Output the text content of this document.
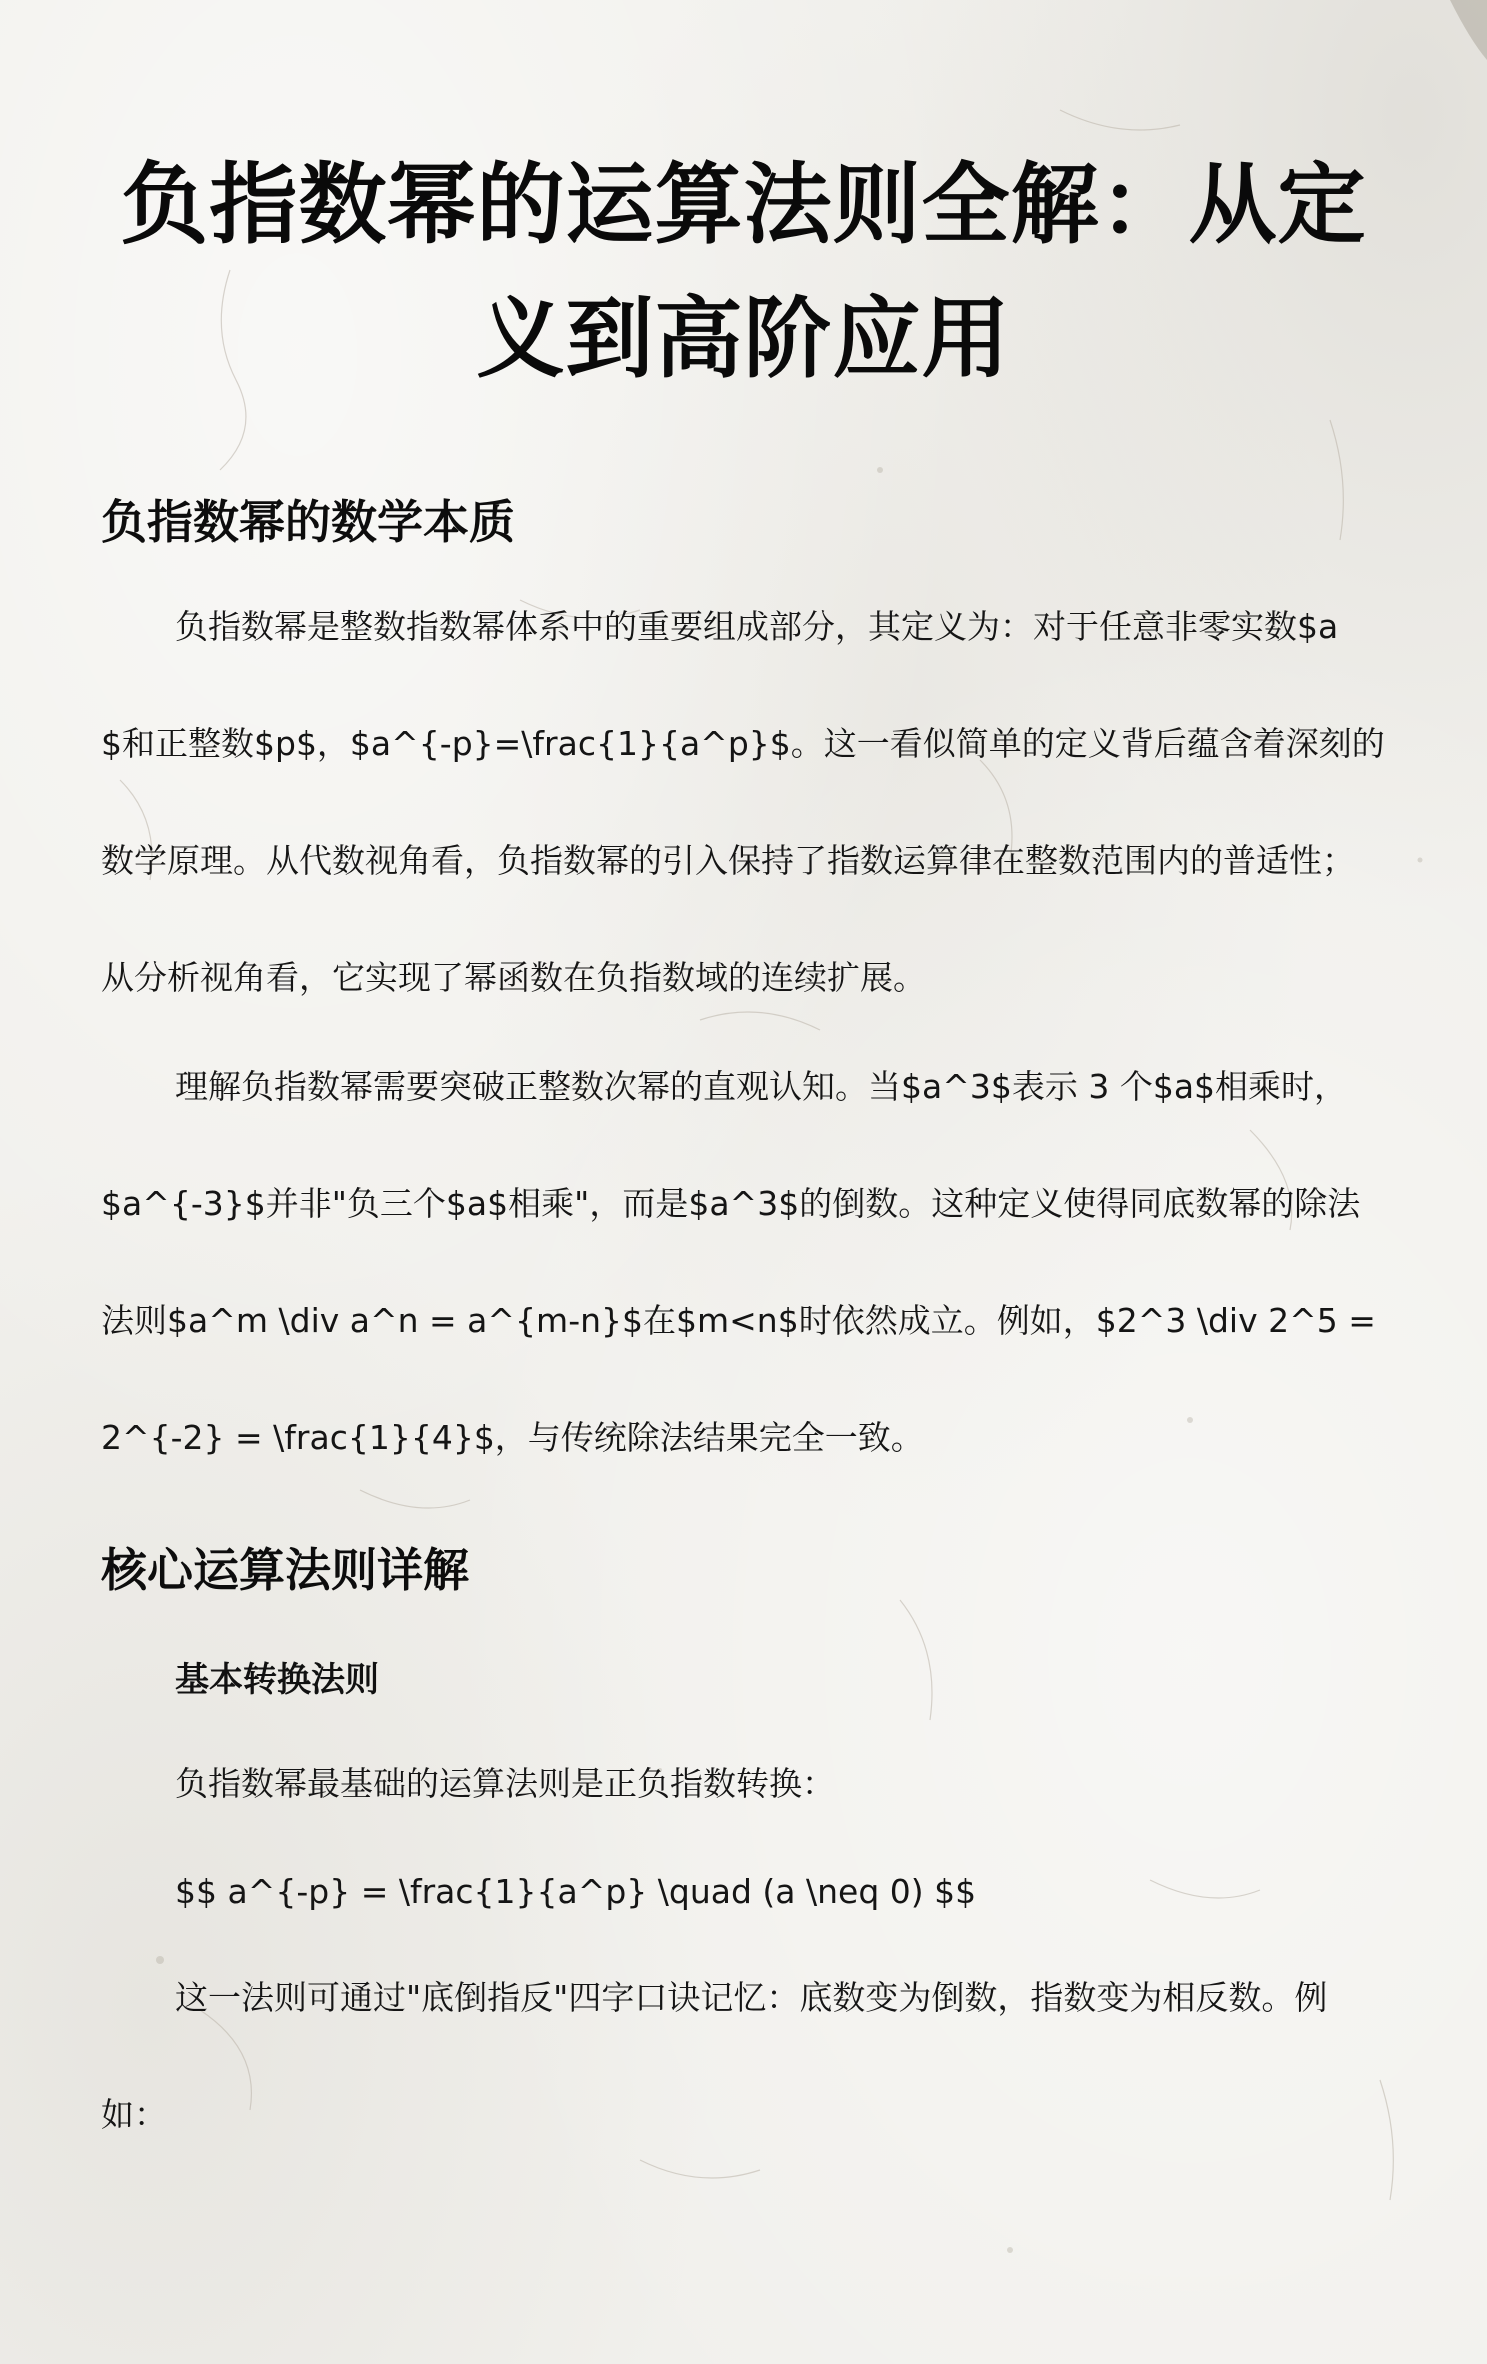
负指数幂的运算法则全解：从定义到高阶应用
负指数幂的数学本质

负指数幂是整数指数幂体系中的重要组成部分，其定义为：对于任意非零实数$a$和正整数$p$，$a^{-p}=\frac{1}{a^p}$。这一看似简单的定义背后蕴含着深刻的数学原理。从代数视角看，负指数幂的引入保持了指数运算律在整数范围内的普适性；从分析视角看，它实现了幂函数在负指数域的连续扩展。

理解负指数幂需要突破正整数次幂的直观认知。当$a^3$表示 3 个$a$相乘时，$a^{-3}$并非"负三个$a$相乘"，而是$a^3$的倒数。这种定义使得同底数幂的除法法则$a^m \div a^n = a^{m-n}$在$m<n$时依然成立。例如，$2^3 \div 2^5 = 2^{-2} = \frac{1}{4}$，与传统除法结果完全一致。

核心运算法则详解
基本转换法则

负指数幂最基础的运算法则是正负指数转换：

$$ a^{-p} = \frac{1}{a^p} \quad (a \neq 0) $$

这一法则可通过"底倒指反"四字口诀记忆：底数变为倒数，指数变为相反数。例如：
